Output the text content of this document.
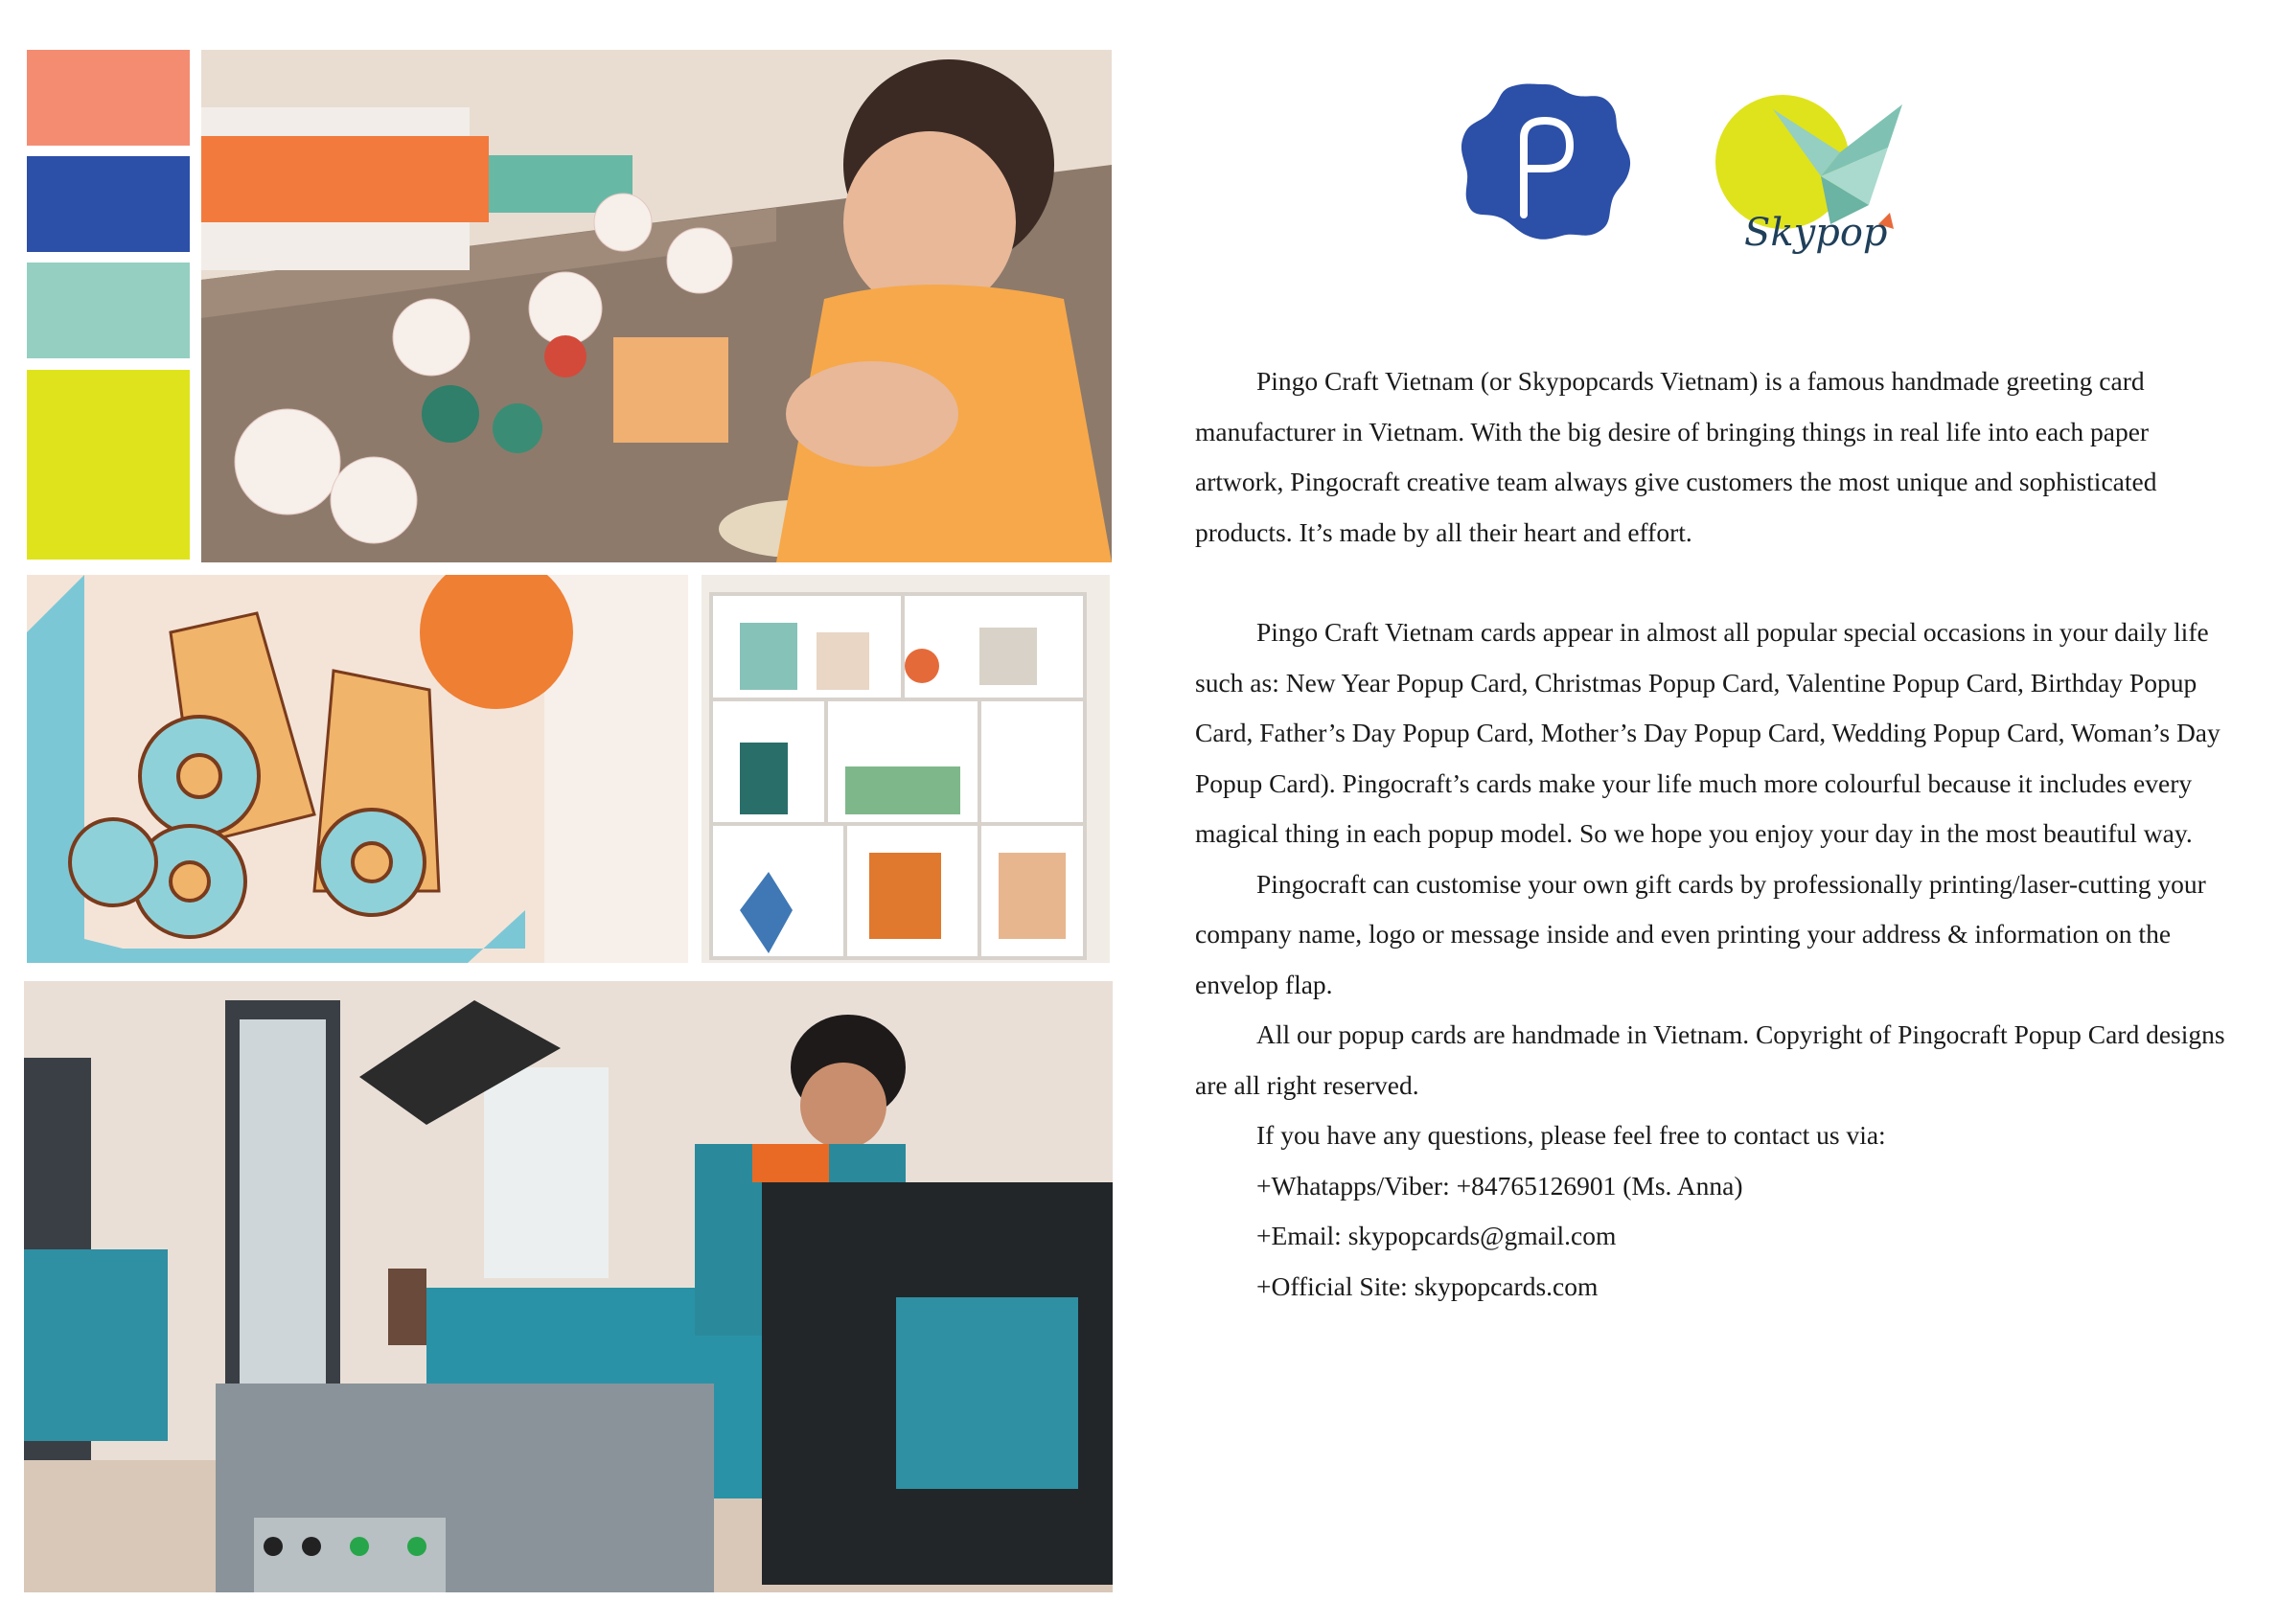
Skypop

Pingo Craft Vietnam (or Skypopcards Vietnam) is a famous handmade greeting card manufacturer in Vietnam. With the big desire of bringing things in real life into each paper artwork, Pingocraft creative team always give customers the most unique and sophisticated products. It’s made by all their heart and effort.

Pingo Craft Vietnam cards appear in almost all popular special occasions in your daily life such as: New Year Popup Card, Christmas Popup Card, Valentine Popup Card, Birthday Popup Card, Father’s Day Popup Card, Mother’s Day Popup Card, Wedding Popup Card, Woman’s Day Popup Card). Pingocraft’s cards make your life much more colourful because it includes every magical thing in each popup model. So we hope you enjoy your day in the most beautiful way.

Pingocraft can customise your own gift cards by professionally printing/laser-cutting your company name, logo or message inside and even printing your address & information on the envelop flap.

All our popup cards are handmade in Vietnam. Copyright of Pingocraft Popup Card designs are all right reserved.

If you have any questions, please feel free to contact us via:
+Whatapps/Viber: +84765126901 (Ms. Anna)
+Email: skypopcards@gmail.com
+Official Site: skypopcards.com
